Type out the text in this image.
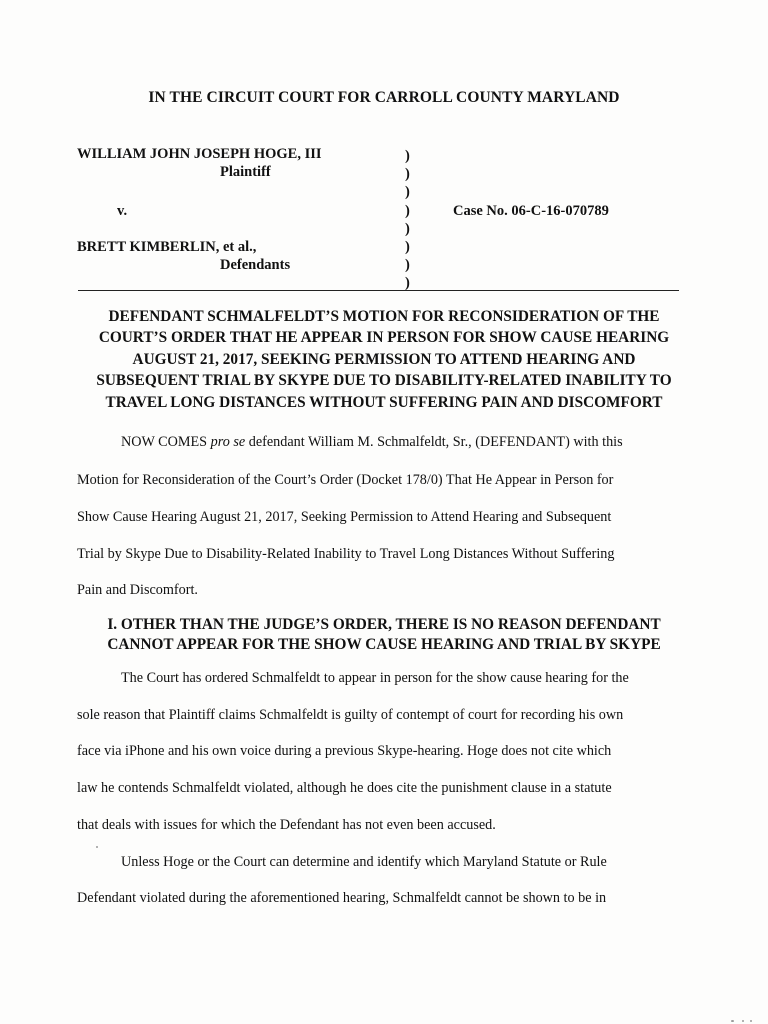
IN THE CIRCUIT COURT FOR CARROLL COUNTY MARYLAND
WILLIAM JOHN JOSEPH HOGE, III
Plaintiff
v.
BRETT KIMBERLIN, et al.,
Defendants
Case No. 06-C-16-070789
)
)
)
)
)
)
)
)
DEFENDANT SCHMALFELDT’S MOTION FOR RECONSIDERATION OF THE
COURT’S ORDER THAT HE APPEAR IN PERSON FOR SHOW CAUSE HEARING
AUGUST 21, 2017, SEEKING PERMISSION TO ATTEND HEARING AND
SUBSEQUENT TRIAL BY SKYPE DUE TO DISABILITY-RELATED INABILITY TO
TRAVEL LONG DISTANCES WITHOUT SUFFERING PAIN AND DISCOMFORT
NOW COMES pro se defendant William M. Schmalfeldt, Sr., (DEFENDANT) with this
Motion for Reconsideration of the Court’s Order (Docket 178/0) That He Appear in Person for
Show Cause Hearing August 21, 2017, Seeking Permission to Attend Hearing and Subsequent
Trial by Skype Due to Disability-Related Inability to Travel Long Distances Without Suffering
Pain and Discomfort.
I. OTHER THAN THE JUDGE’S ORDER, THERE IS NO REASON DEFENDANT
CANNOT APPEAR FOR THE SHOW CAUSE HEARING AND TRIAL BY SKYPE
The Court has ordered Schmalfeldt to appear in person for the show cause hearing for the
sole reason that Plaintiff claims Schmalfeldt is guilty of contempt of court for recording his own
face via iPhone and his own voice during a previous Skype-hearing. Hoge does not cite which
law he contends Schmalfeldt violated, although he does cite the punishment clause in a statute
that deals with issues for which the Defendant has not even been accused.
Unless Hoge or the Court can determine and identify which Maryland Statute or Rule
Defendant violated during the aforementioned hearing, Schmalfeldt cannot be shown to be in
